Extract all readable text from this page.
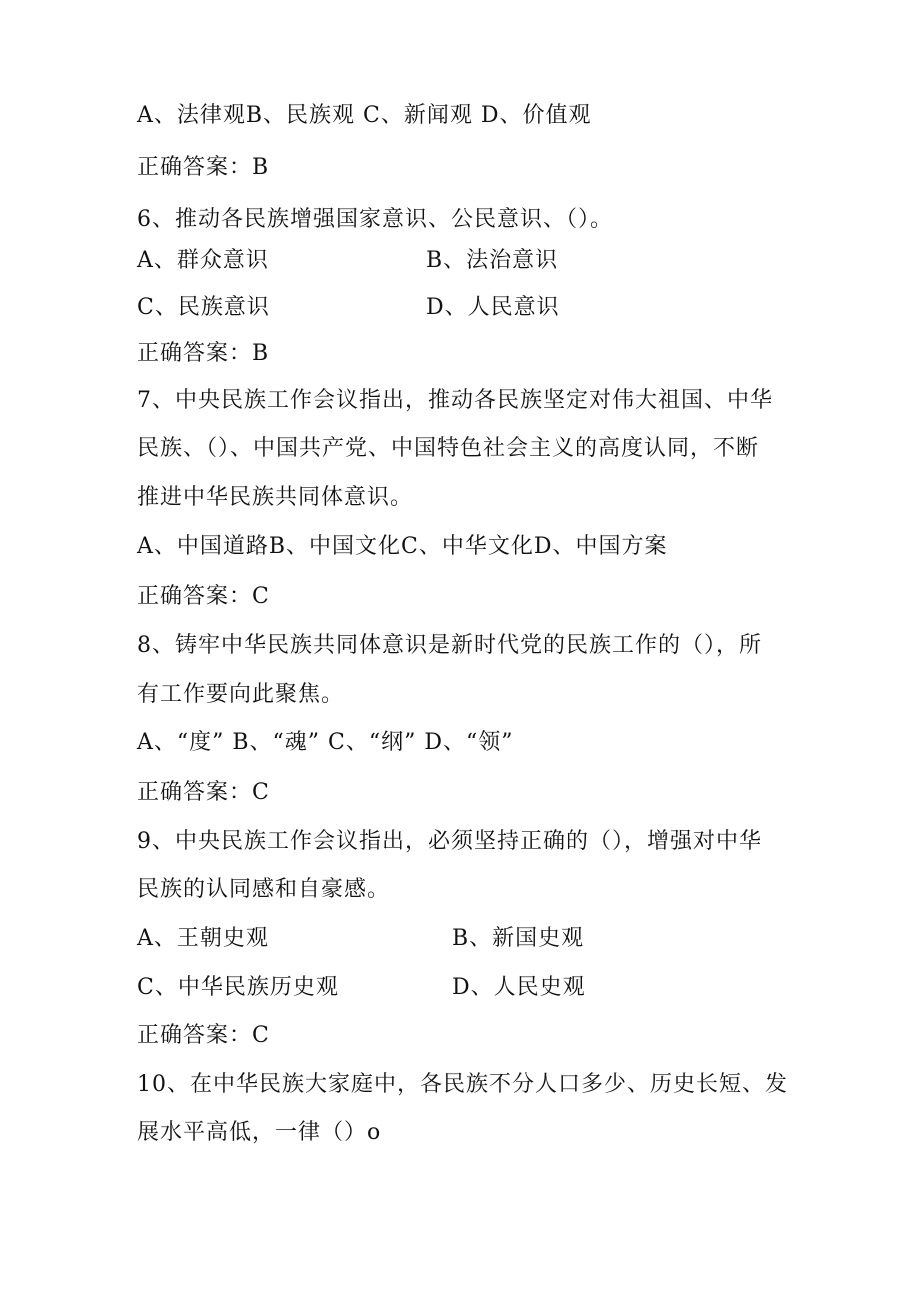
A、法律观B、民族观 C、新闻观 D、价值观
正确答案：B
6、推动各民族增强国家意识、公民意识、（）。
A、群众意识	B、法治意识
C、民族意识	D、人民意识
正确答案：B
7、中央民族工作会议指出，推动各民族坚定对伟大祖国、中华
民族、（）、中国共产党、中国特色社会主义的高度认同，不断
推进中华民族共同体意识。
A、中国道路B、中国文化C、中华文化D、中国方案
正确答案：C
8、铸牢中华民族共同体意识是新时代党的民族工作的（），所
有工作要向此聚焦。
A、“度” B、“魂” C、“纲” D、“领”
正确答案：C
9、中央民族工作会议指出，必须坚持正确的（），增强对中华
民族的认同感和自豪感。
A、王朝史观	B、新国史观
C、中华民族历史观	D、人民史观
正确答案：C
10、在中华民族大家庭中，各民族不分人口多少、历史长短、发
展水平高低，一律（）o
